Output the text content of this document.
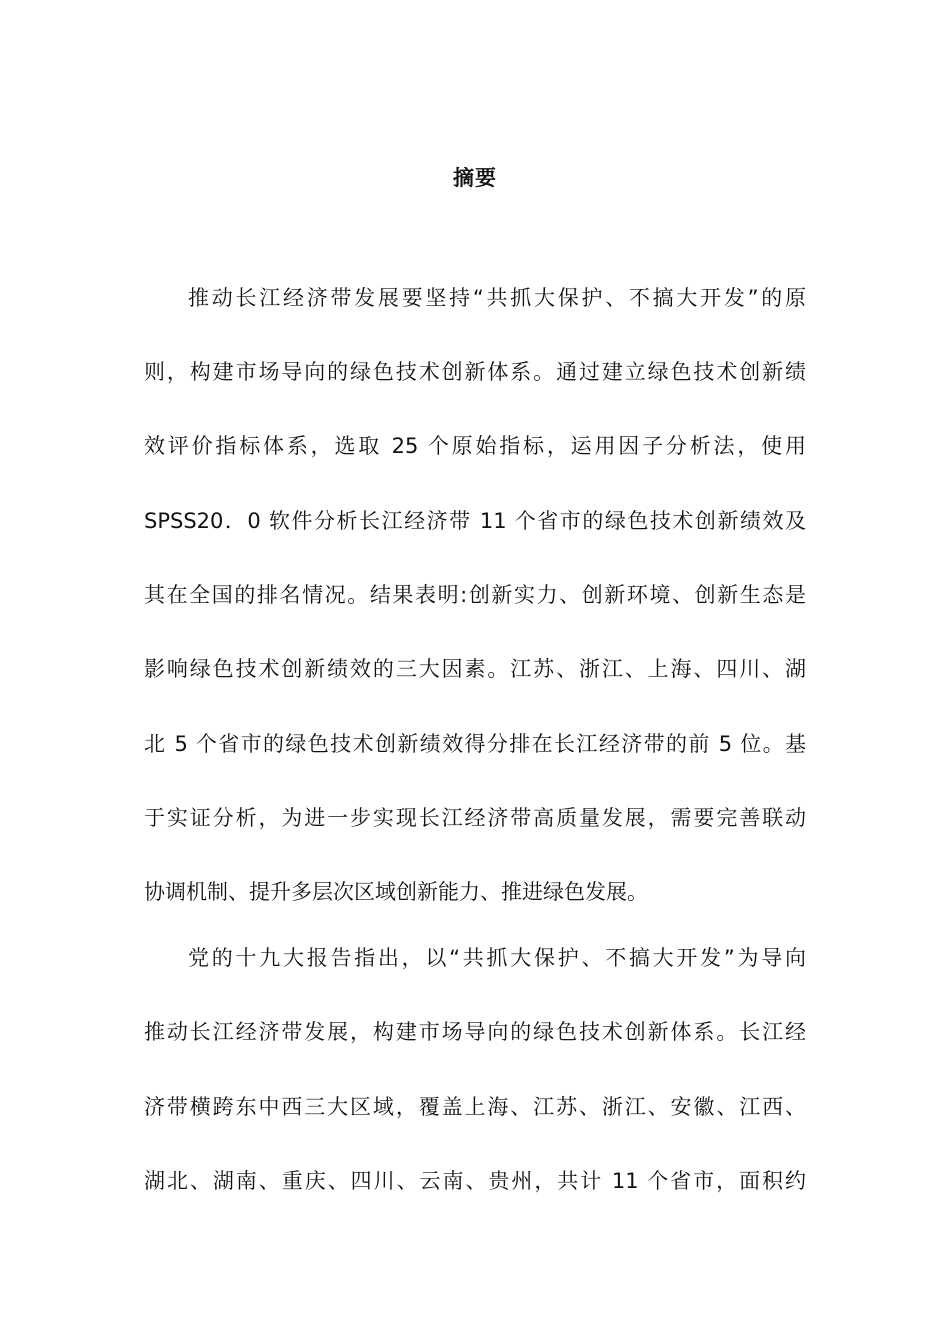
摘要
推动长江经济带发展要坚持“共抓大保护、不搞大开发”的原
则，构建市场导向的绿色技术创新体系。通过建立绿色技术创新绩
效评价指标体系，选取 25 个原始指标，运用因子分析法，使用
SPSS20．0 软件分析长江经济带 11 个省市的绿色技术创新绩效及
其在全国的排名情况。结果表明:创新实力、创新环境、创新生态是
影响绿色技术创新绩效的三大因素。江苏、浙江、上海、四川、湖
北 5 个省市的绿色技术创新绩效得分排在长江经济带的前 5 位。基
于实证分析，为进一步实现长江经济带高质量发展，需要完善联动
协调机制、提升多层次区域创新能力、推进绿色发展。
党的十九大报告指出，以“共抓大保护、不搞大开发”为导向
推动长江经济带发展，构建市场导向的绿色技术创新体系。长江经
济带横跨东中西三大区域，覆盖上海、江苏、浙江、安徽、江西、
湖北、湖南、重庆、四川、云南、贵州，共计 11 个省市，面积约
